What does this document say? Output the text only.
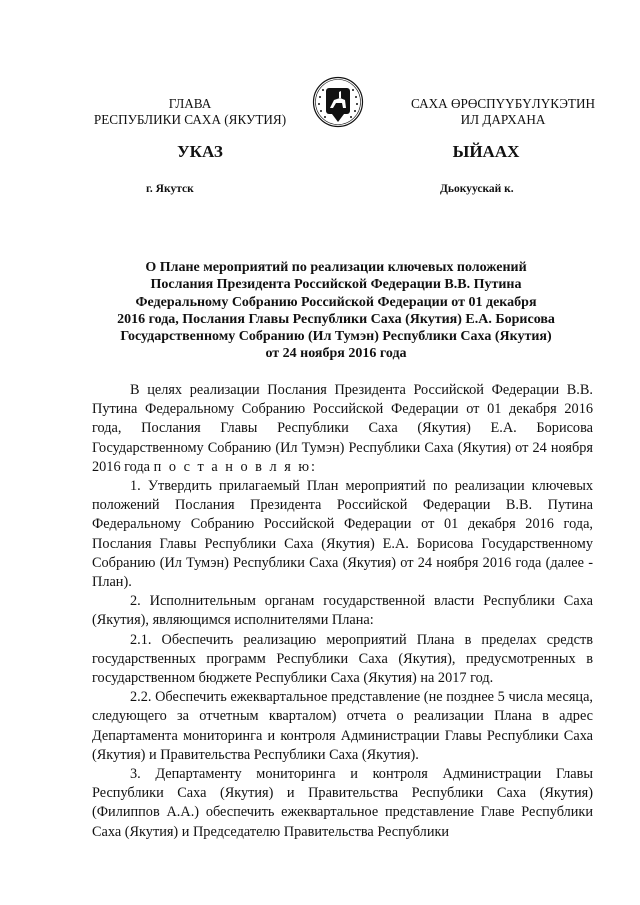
ГЛАВА
РЕСПУБЛИКИ САХА (ЯКУТИЯ)
САХА ӨРӨСПҮҮБҮЛҮКЭТИН
ИЛ ДАРХАНА
УКАЗ	ЫЙААХ
г. Якутск	Дьокуускай к.
О Плане мероприятий по реализации ключевых положений
Послания Президента Российской Федерации В.В. Путина
Федеральному Собранию Российской Федерации от 01 декабря
2016 года, Послания Главы Республики Саха (Якутия) Е.А. Борисова
Государственному Собранию (Ил Тумэн) Республики Саха (Якутия)
от 24 ноября 2016 года

В целях реализации Послания Президента Российской Федерации В.В. Путина Федеральному Собранию Российской Федерации от 01 декабря 2016 года, Послания Главы Республики Саха (Якутия) Е.А. Борисова Государственному Собранию (Ил Тумэн) Республики Саха (Якутия) от 24 ноября 2016 года п о с т а н о в л я ю:

1. Утвердить прилагаемый План мероприятий по реализации ключевых положений Послания Президента Российской Федерации В.В. Путина Федеральному Собранию Российской Федерации от 01 декабря 2016 года, Послания Главы Республики Саха (Якутия) Е.А. Борисова Государственному Собранию (Ил Тумэн) Республики Саха (Якутия) от 24 ноября 2016 года (далее - План).

2. Исполнительным органам государственной власти Республики Саха (Якутия), являющимся исполнителями Плана:

2.1. Обеспечить реализацию мероприятий Плана в пределах средств государственных программ Республики Саха (Якутия), предусмотренных в государственном бюджете Республики Саха (Якутия) на 2017 год.

2.2. Обеспечить ежеквартальное представление (не позднее 5 числа месяца, следующего за отчетным кварталом) отчета о реализации Плана в адрес Департамента мониторинга и контроля Администрации Главы Республики Саха (Якутия) и Правительства Республики Саха (Якутия).

3. Департаменту мониторинга и контроля Администрации Главы Республики Саха (Якутия) и Правительства Республики Саха (Якутия) (Филиппов А.А.) обеспечить ежеквартальное представление Главе Республики Саха (Якутия) и Председателю Правительства Республики
